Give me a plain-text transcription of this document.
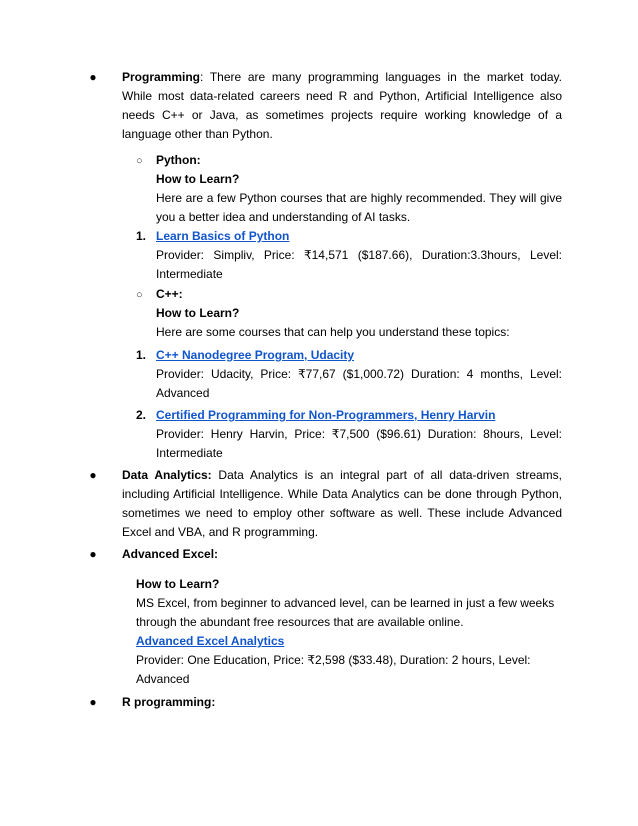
● Programming: There are many programming languages in the market today. While most data-related careers need R and Python, Artificial Intelligence also needs C++ or Java, as sometimes projects require working knowledge of a language other than Python.
○ Python:
How to Learn?
Here are a few Python courses that are highly recommended. They will give you a better idea and understanding of AI tasks.
1. Learn Basics of Python
Provider: Simpliv, Price: ₹14,571 ($187.66), Duration:3.3hours, Level: Intermediate
○ C++:
How to Learn?
Here are some courses that can help you understand these topics:
1. C++ Nanodegree Program, Udacity
Provider: Udacity, Price: ₹77,67 ($1,000.72) Duration: 4 months, Level: Advanced
2. Certified Programming for Non-Programmers, Henry Harvin
Provider: Henry Harvin, Price: ₹7,500 ($96.61) Duration: 8hours, Level: Intermediate
● Data Analytics: Data Analytics is an integral part of all data-driven streams, including Artificial Intelligence. While Data Analytics can be done through Python, sometimes we need to employ other software as well. These include Advanced Excel and VBA, and R programming.
● Advanced Excel:
How to Learn?
MS Excel, from beginner to advanced level, can be learned in just a few weeks
through the abundant free resources that are available online.
Advanced Excel Analytics
Provider: One Education, Price: ₹2,598 ($33.48), Duration: 2 hours, Level:
Advanced
● R programming:
